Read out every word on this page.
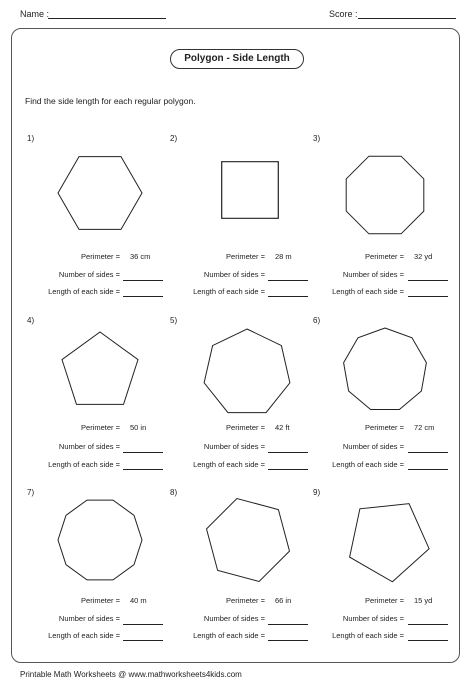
Name :	Score :
Polygon - Side Length
Find the side length for each regular polygon.
1)
Perimeter = 36 cm
Number of sides =
Length of each side =
2)
Perimeter = 28 m
Number of sides =
Length of each side =
3)
Perimeter = 32 yd
Number of sides =
Length of each side =
4)
Perimeter = 50 in
Number of sides =
Length of each side =
5)
Perimeter = 42 ft
Number of sides =
Length of each side =
6)
Perimeter = 72 cm
Number of sides =
Length of each side =
7)
Perimeter = 40 m
Number of sides =
Length of each side =
8)
Perimeter = 66 in
Number of sides =
Length of each side =
9)
Perimeter = 15 yd
Number of sides =
Length of each side =
Printable Math Worksheets @ www.mathworksheets4kids.com
